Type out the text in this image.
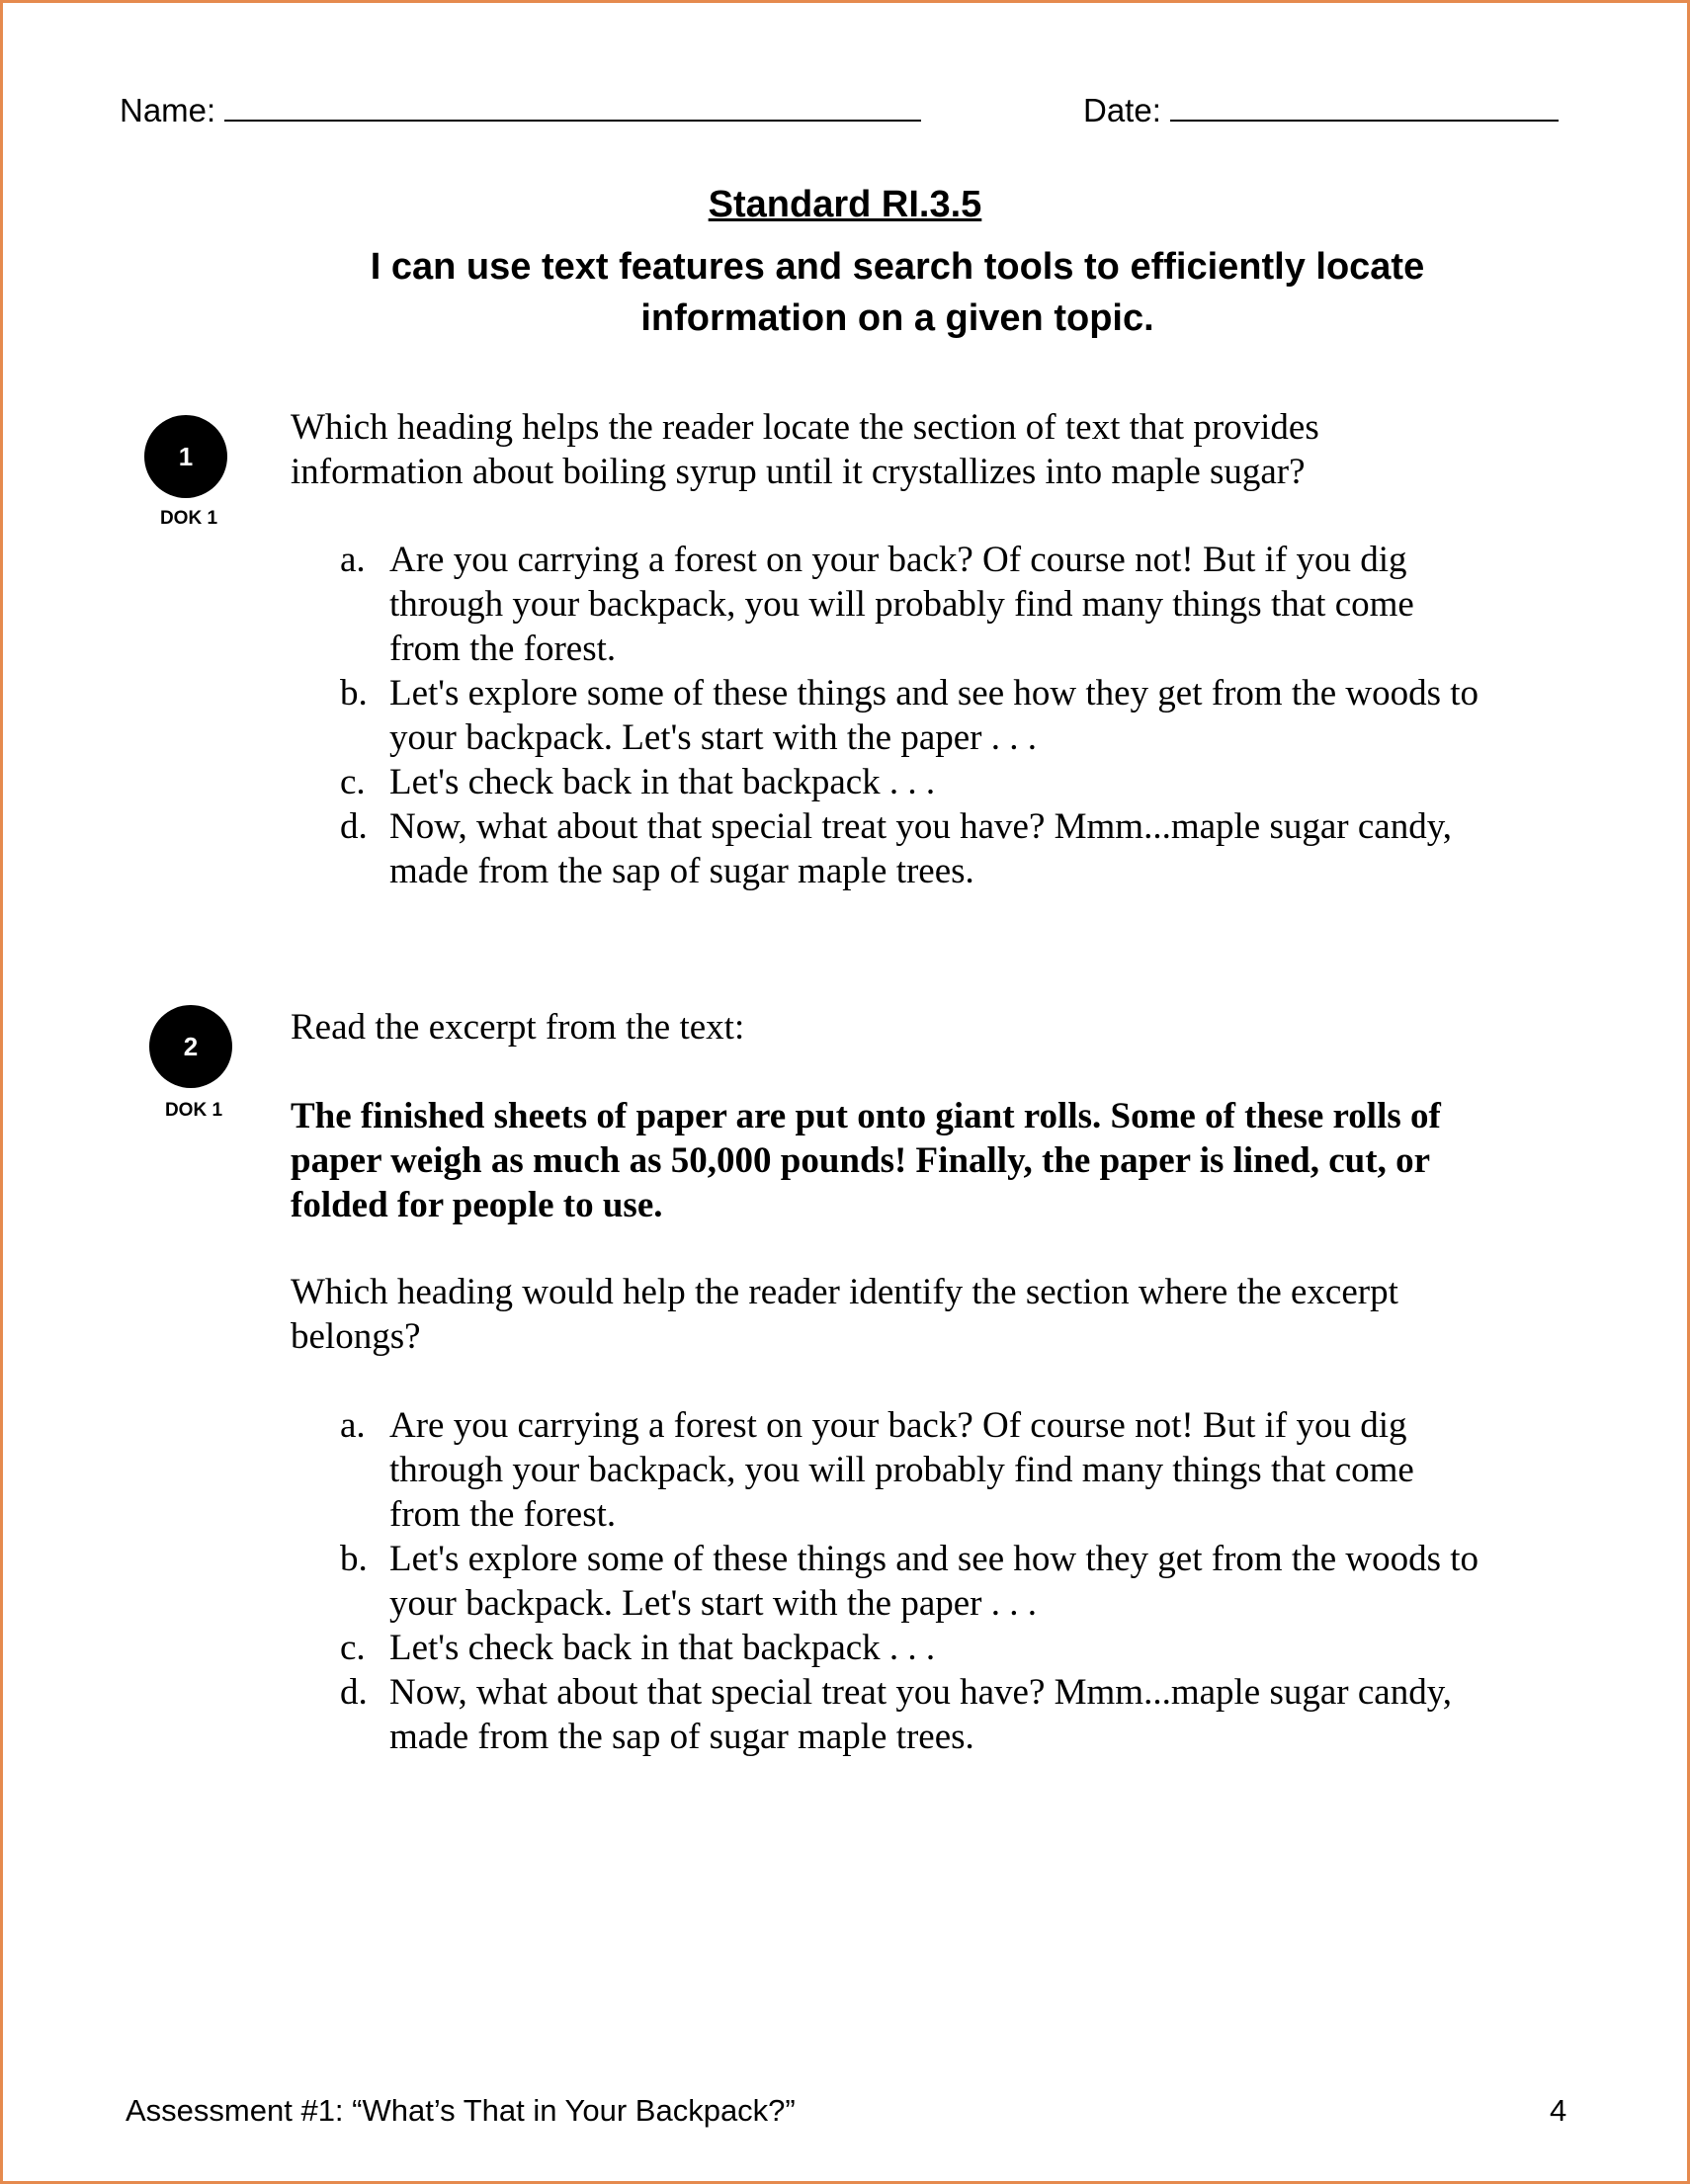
Name:	Date:
Standard RI.3.5
I can use text features and search tools to efficiently locate
information on a given topic.
1
DOK 1
Which heading helps the reader locate the section of text that provides
information about boiling syrup until it crystallizes into maple sugar?
a. Are you carrying a forest on your back? Of course not! But if you dig through your backpack, you will probably find many things that come from the forest.
b. Let's explore some of these things and see how they get from the woods to your backpack. Let's start with the paper . . .
c. Let's check back in that backpack . . .
d. Now, what about that special treat you have? Mmm...maple sugar candy, made from the sap of sugar maple trees.
2
DOK 1
Read the excerpt from the text:
The finished sheets of paper are put onto giant rolls. Some of these rolls of paper weigh as much as 50,000 pounds! Finally, the paper is lined, cut, or folded for people to use.
Which heading would help the reader identify the section where the excerpt belongs?
a. Are you carrying a forest on your back? Of course not! But if you dig through your backpack, you will probably find many things that come from the forest.
b. Let's explore some of these things and see how they get from the woods to your backpack. Let's start with the paper . . .
c. Let's check back in that backpack . . .
d. Now, what about that special treat you have? Mmm...maple sugar candy, made from the sap of sugar maple trees.
Assessment #1: “What’s That in Your Backpack?”	4
